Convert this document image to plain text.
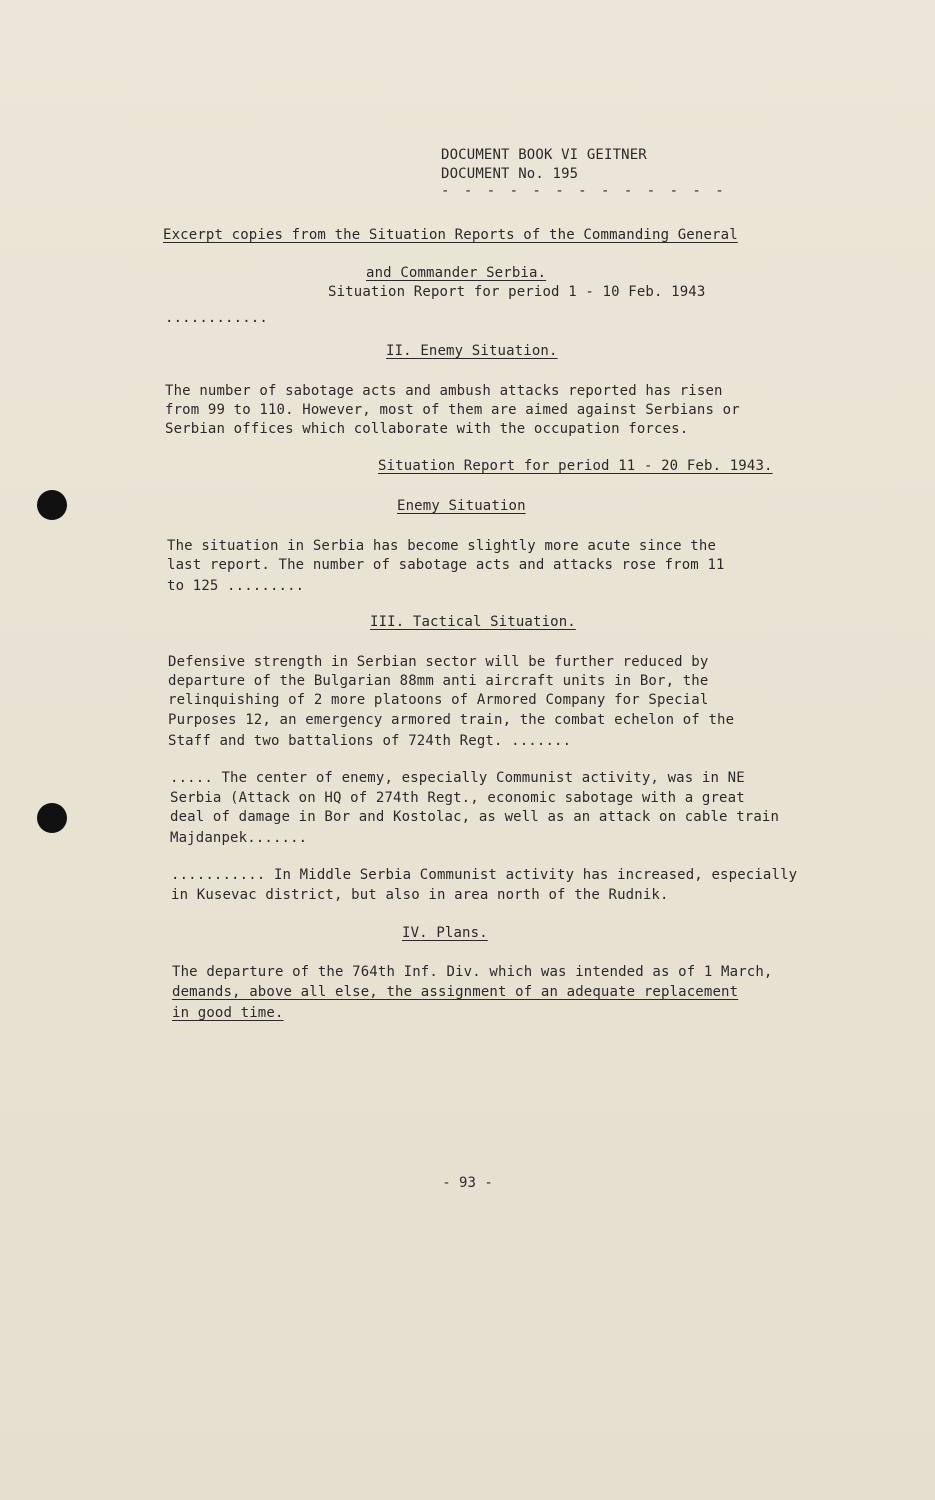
DOCUMENT BOOK VI GEITNER
DOCUMENT No. 195
- - - - - - - - - - - - -
Excerpt copies from the Situation Reports of the Commanding General
and Commander Serbia.
Situation Report for period 1 - 10 Feb. 1943
............
II. Enemy Situation.
The number of sabotage acts and ambush attacks reported has risen
from 99 to 110. However, most of them are aimed against Serbians or
Serbian offices which collaborate with the occupation forces.
Situation Report for period 11 - 20 Feb. 1943.
Enemy Situation
The situation in Serbia has become slightly more acute since the
last report. The number of sabotage acts and attacks rose from 11
to 125 .........
III. Tactical Situation.
Defensive strength in Serbian sector will be further reduced by
departure of the Bulgarian 88mm anti aircraft units in Bor, the
relinquishing of 2 more platoons of Armored Company for Special
Purposes 12, an emergency armored train, the combat echelon of the
Staff and two battalions of 724th Regt. .......
..... The center of enemy, especially Communist activity, was in NE
Serbia (Attack on HQ of 274th Regt., economic sabotage with a great
deal of damage in Bor and Kostolac, as well as an attack on cable train
Majdanpek.......
........... In Middle Serbia Communist activity has increased, especially
in Kusevac district, but also in area north of the Rudnik.
IV. Plans.
The departure of the 764th Inf. Div. which was intended as of 1 March,
demands, above all else, the assignment of an adequate replacement
in good time.
- 93 -
